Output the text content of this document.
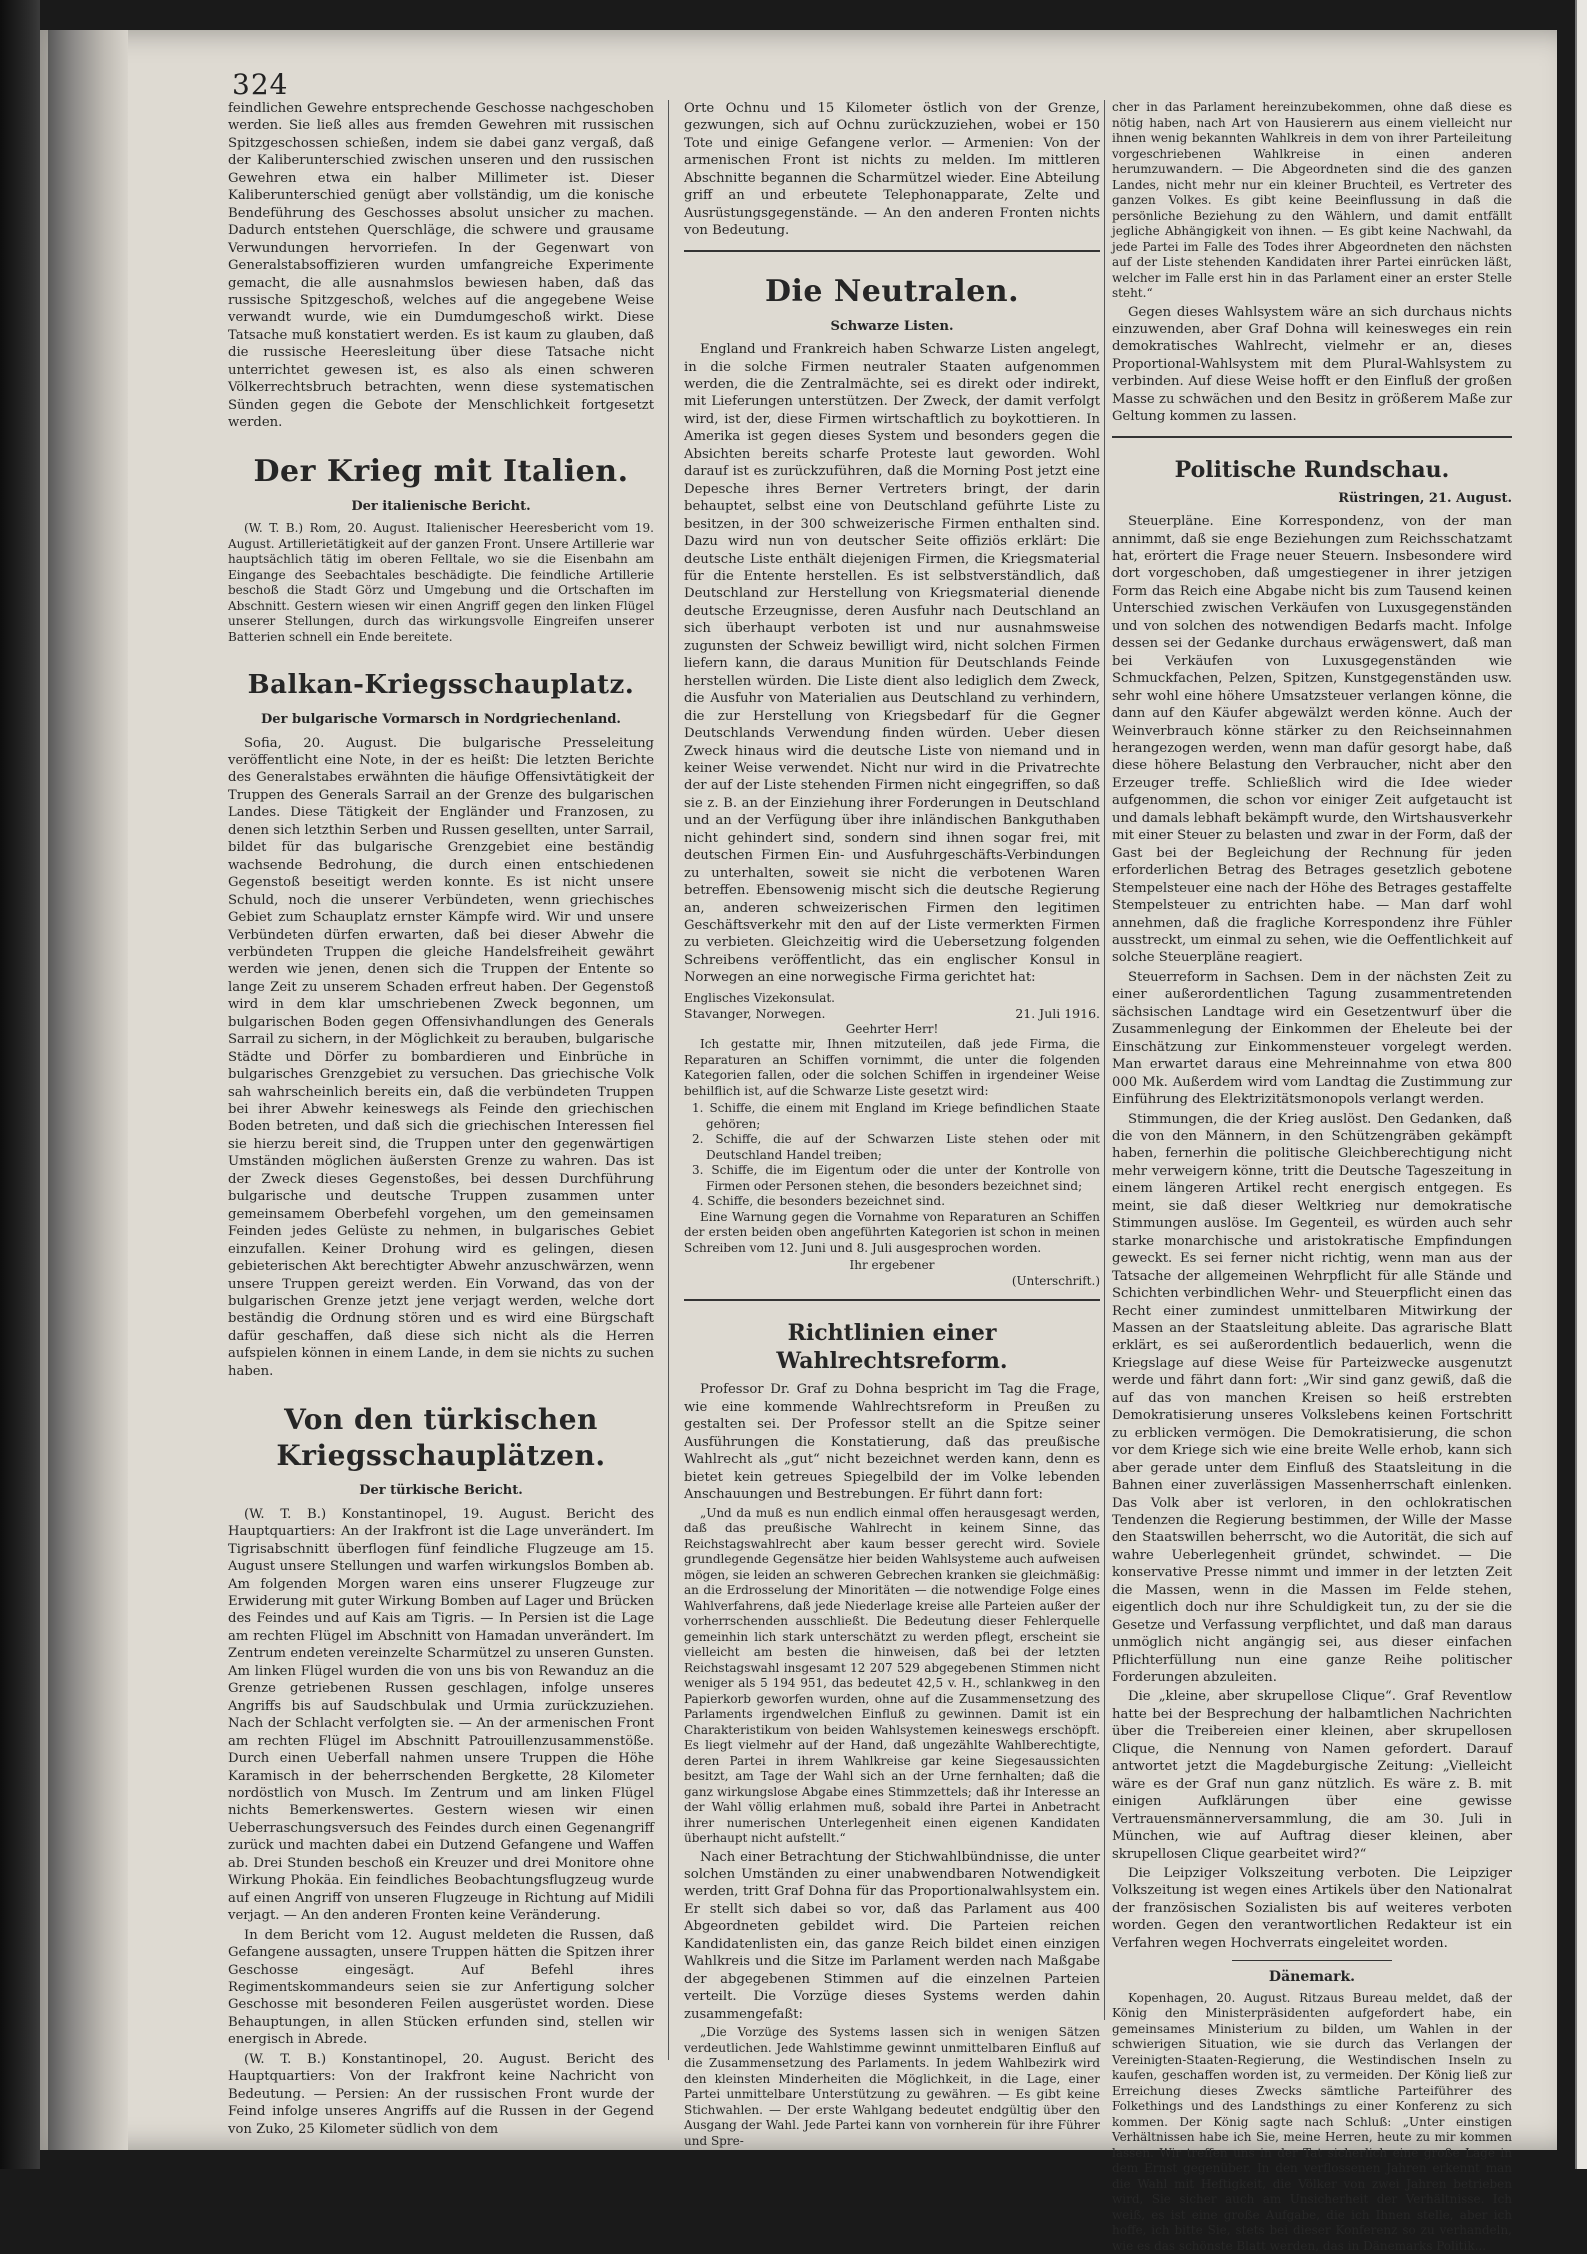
324

feindlichen Gewehre entsprechende Geschosse nachgeschoben werden. Sie ließ alles aus fremden Gewehren mit russischen Spitzgeschossen schießen, indem sie dabei ganz vergaß, daß der Kaliberunterschied zwischen unseren und den russischen Gewehren etwa ein halber Millimeter ist. Dieser Kaliberunterschied genügt aber vollständig, um die konische Bendeführung des Geschosses absolut unsicher zu machen. Dadurch entstehen Querschläge, die schwere und grausame Verwundungen hervorriefen. In der Gegenwart von Generalstabsoffizieren wurden umfangreiche Experimente gemacht, die alle ausnahmslos bewiesen haben, daß das russische Spitzgeschoß, welches auf die angegebene Weise verwandt wurde, wie ein Dumdumgeschoß wirkt. Diese Tatsache muß konstatiert werden. Es ist kaum zu glauben, daß die russische Heeresleitung über diese Tatsache nicht unterrichtet gewesen ist, es also als einen schweren Völkerrechtsbruch betrachten, wenn diese systematischen Sünden gegen die Gebote der Menschlichkeit fortgesetzt werden.

Der Krieg mit Italien.
Der italienische Bericht.

(W. T. B.) Rom, 20. August. Italienischer Heeresbericht vom 19. August. Artillerietätigkeit auf der ganzen Front. Unsere Artillerie war hauptsächlich tätig im oberen Felltale, wo sie die Eisenbahn am Eingange des Seebachtales beschädigte. Die feindliche Artillerie beschoß die Stadt Görz und Umgebung und die Ortschaften im Abschnitt. Gestern wiesen wir einen Angriff gegen den linken Flügel unserer Stellungen, durch das wirkungsvolle Eingreifen unserer Batterien schnell ein Ende bereitete.

Balkan-Kriegsschauplatz.
Der bulgarische Vormarsch in Nordgriechenland.

Sofia, 20. August. Die bulgarische Presseleitung veröffentlicht eine Note, in der es heißt: Die letzten Berichte des Generalstabes erwähnten die häufige Offensivtätigkeit der Truppen des Generals Sarrail an der Grenze des bulgarischen Landes. Diese Tätigkeit der Engländer und Franzosen, zu denen sich letzthin Serben und Russen gesellten, unter Sarrail, bildet für das bulgarische Grenzgebiet eine beständig wachsende Bedrohung, die durch einen entschiedenen Gegenstoß beseitigt werden konnte. Es ist nicht unsere Schuld, noch die unserer Verbündeten, wenn griechisches Gebiet zum Schauplatz ernster Kämpfe wird. Wir und unsere Verbündeten dürfen erwarten, daß bei dieser Abwehr die verbündeten Truppen die gleiche Handelsfreiheit gewährt werden wie jenen, denen sich die Truppen der Entente so lange Zeit zu unserem Schaden erfreut haben. Der Gegenstoß wird in dem klar umschriebenen Zweck begonnen, um bulgarischen Boden gegen Offensivhandlungen des Generals Sarrail zu sichern, in der Möglichkeit zu berauben, bulgarische Städte und Dörfer zu bombardieren und Einbrüche in bulgarisches Grenzgebiet zu versuchen. Das griechische Volk sah wahrscheinlich bereits ein, daß die verbündeten Truppen bei ihrer Abwehr keineswegs als Feinde den griechischen Boden betreten, und daß sich die griechischen Interessen fiel sie hierzu bereit sind, die Truppen unter den gegenwärtigen Umständen möglichen äußersten Grenze zu wahren. Das ist der Zweck dieses Gegenstoßes, bei dessen Durchführung bulgarische und deutsche Truppen zusammen unter gemeinsamem Oberbefehl vorgehen, um den gemeinsamen Feinden jedes Gelüste zu nehmen, in bulgarisches Gebiet einzufallen. Keiner Drohung wird es gelingen, diesen gebieterischen Akt berechtigter Abwehr anzuschwärzen, wenn unsere Truppen gereizt werden. Ein Vorwand, das von der bulgarischen Grenze jetzt jene verjagt werden, welche dort beständig die Ordnung stören und es wird eine Bürgschaft dafür geschaffen, daß diese sich nicht als die Herren aufspielen können in einem Lande, in dem sie nichts zu suchen haben.

Von den türkischen Kriegsschauplätzen.
Der türkische Bericht.

(W. T. B.) Konstantinopel, 19. August. Bericht des Hauptquartiers: An der Irakfront ist die Lage unverändert. Im Tigrisabschnitt überflogen fünf feindliche Flugzeuge am 15. August unsere Stellungen und warfen wirkungslos Bomben ab. Am folgenden Morgen waren eins unserer Flugzeuge zur Erwiderung mit guter Wirkung Bomben auf Lager und Brücken des Feindes und auf Kais am Tigris. — In Persien ist die Lage am rechten Flügel im Abschnitt von Hamadan unverändert. Im Zentrum endeten vereinzelte Scharmützel zu unseren Gunsten. Am linken Flügel wurden die von uns bis von Rewanduz an die Grenze getriebenen Russen geschlagen, infolge unseres Angriffs bis auf Saudschbulak und Urmia zurückzuziehen. Nach der Schlacht verfolgten sie. — An der armenischen Front am rechten Flügel im Abschnitt Patrouillenzusammenstöße. Durch einen Ueberfall nahmen unsere Truppen die Höhe Karamisch in der beherrschenden Bergkette, 28 Kilometer nordöstlich von Musch. Im Zentrum und am linken Flügel nichts Bemerkenswertes. Gestern wiesen wir einen Ueberraschungsversuch des Feindes durch einen Gegenangriff zurück und machten dabei ein Dutzend Gefangene und Waffen ab. Drei Stunden beschoß ein Kreuzer und drei Monitore ohne Wirkung Phokäa. Ein feindliches Beobachtungsflugzeug wurde auf einen Angriff von unseren Flugzeuge in Richtung auf Midili verjagt. — An den anderen Fronten keine Veränderung.

In dem Bericht vom 12. August meldeten die Russen, daß Gefangene aussagten, unsere Truppen hätten die Spitzen ihrer Geschosse eingesägt. Auf Befehl ihres Regimentskommandeurs seien sie zur Anfertigung solcher Geschosse mit besonderen Feilen ausgerüstet worden. Diese Behauptungen, in allen Stücken erfunden sind, stellen wir energisch in Abrede.

(W. T. B.) Konstantinopel, 20. August. Bericht des Hauptquartiers: Von der Irakfront keine Nachricht von Bedeutung. — Persien: An der russischen Front wurde der Feind infolge unseres Angriffs auf die Russen in der Gegend von Zuko, 25 Kilometer südlich von dem

Orte Ochnu und 15 Kilometer östlich von der Grenze, gezwungen, sich auf Ochnu zurückzuziehen, wobei er 150 Tote und einige Gefangene verlor. — Armenien: Von der armenischen Front ist nichts zu melden. Im mittleren Abschnitte begannen die Scharmützel wieder. Eine Abteilung griff an und erbeutete Telephonapparate, Zelte und Ausrüstungsgegenstände. — An den anderen Fronten nichts von Bedeutung.

Die Neutralen.
Schwarze Listen.

England und Frankreich haben Schwarze Listen angelegt, in die solche Firmen neutraler Staaten aufgenommen werden, die die Zentralmächte, sei es direkt oder indirekt, mit Lieferungen unterstützen. Der Zweck, der damit verfolgt wird, ist der, diese Firmen wirtschaftlich zu boykottieren. In Amerika ist gegen dieses System und besonders gegen die Absichten bereits scharfe Proteste laut geworden. Wohl darauf ist es zurückzuführen, daß die Morning Post jetzt eine Depesche ihres Berner Vertreters bringt, der darin behauptet, selbst eine von Deutschland geführte Liste zu besitzen, in der 300 schweizerische Firmen enthalten sind. Dazu wird nun von deutscher Seite offiziös erklärt: Die deutsche Liste enthält diejenigen Firmen, die Kriegsmaterial für die Entente herstellen. Es ist selbstverständlich, daß Deutschland zur Herstellung von Kriegsmaterial dienende deutsche Erzeugnisse, deren Ausfuhr nach Deutschland an sich überhaupt verboten ist und nur ausnahmsweise zugunsten der Schweiz bewilligt wird, nicht solchen Firmen liefern kann, die daraus Munition für Deutschlands Feinde herstellen würden. Die Liste dient also lediglich dem Zweck, die Ausfuhr von Materialien aus Deutschland zu verhindern, die zur Herstellung von Kriegsbedarf für die Gegner Deutschlands Verwendung finden würden. Ueber diesen Zweck hinaus wird die deutsche Liste von niemand und in keiner Weise verwendet. Nicht nur wird in die Privatrechte der auf der Liste stehenden Firmen nicht eingegriffen, so daß sie z. B. an der Einziehung ihrer Forderungen in Deutschland und an der Verfügung über ihre inländischen Bankguthaben nicht gehindert sind, sondern sind ihnen sogar frei, mit deutschen Firmen Ein- und Ausfuhrgeschäfts-Verbindungen zu unterhalten, soweit sie nicht die verbotenen Waren betreffen. Ebensowenig mischt sich die deutsche Regierung an, anderen schweizerischen Firmen den legitimen Geschäftsverkehr mit den auf der Liste vermerkten Firmen zu verbieten. Gleichzeitig wird die Uebersetzung folgenden Schreibens veröffentlicht, das ein englischer Konsul in Norwegen an eine norwegische Firma gerichtet hat:

Englisches Vizekonsulat.
Stavanger, Norwegen.	21. Juli 1916.
Geehrter Herr!

Ich gestatte mir, Ihnen mitzuteilen, daß jede Firma, die Reparaturen an Schiffen vornimmt, die unter die folgenden Kategorien fallen, oder die solchen Schiffen in irgendeiner Weise behilflich ist, auf die Schwarze Liste gesetzt wird:

1. Schiffe, die einem mit England im Kriege befindlichen Staate gehören;

2. Schiffe, die auf der Schwarzen Liste stehen oder mit Deutschland Handel treiben;

3. Schiffe, die im Eigentum oder die unter der Kontrolle von Firmen oder Personen stehen, die besonders bezeichnet sind;

4. Schiffe, die besonders bezeichnet sind.

Eine Warnung gegen die Vornahme von Reparaturen an Schiffen der ersten beiden oben angeführten Kategorien ist schon in meinen Schreiben vom 12. Juni und 8. Juli ausgesprochen worden.

Ihr ergebener
(Unterschrift.)
Richtlinien einer Wahlrechtsreform.

Professor Dr. Graf zu Dohna bespricht im Tag die Frage, wie eine kommende Wahlrechtsreform in Preußen zu gestalten sei. Der Professor stellt an die Spitze seiner Ausführungen die Konstatierung, daß das preußische Wahlrecht als „gut“ nicht bezeichnet werden kann, denn es bietet kein getreues Spiegelbild der im Volke lebenden Anschauungen und Bestrebungen. Er führt dann fort:

„Und da muß es nun endlich einmal offen herausgesagt werden, daß das preußische Wahlrecht in keinem Sinne, das Reichstagswahlrecht aber kaum besser gerecht wird. Soviele grundlegende Gegensätze hier beiden Wahlsysteme auch aufweisen mögen, sie leiden an schweren Gebrechen kranken sie gleichmäßig: an die Erdrosselung der Minoritäten — die notwendige Folge eines Wahlverfahrens, daß jede Niederlage kreise alle Parteien außer der vorherrschenden ausschließt. Die Bedeutung dieser Fehlerquelle gemeinhin lich stark unterschätzt zu werden pflegt, erscheint sie vielleicht am besten die hinweisen, daß bei der letzten Reichstagswahl insgesamt 12 207 529 abgegebenen Stimmen nicht weniger als 5 194 951, das bedeutet 42,5 v. H., schlankweg in den Papierkorb geworfen wurden, ohne auf die Zusammensetzung des Parlaments irgendwelchen Einfluß zu gewinnen. Damit ist ein Charakteristikum von beiden Wahlsystemen keineswegs erschöpft. Es liegt vielmehr auf der Hand, daß ungezählte Wahlberechtigte, deren Partei in ihrem Wahlkreise gar keine Siegesaussichten besitzt, am Tage der Wahl sich an der Urne fernhalten; daß die ganz wirkungslose Abgabe eines Stimmzettels; daß ihr Interesse an der Wahl völlig erlahmen muß, sobald ihre Partei in Anbetracht ihrer numerischen Unterlegenheit einen eigenen Kandidaten überhaupt nicht aufstellt.“

Nach einer Betrachtung der Stichwahlbündnisse, die unter solchen Umständen zu einer unabwendbaren Notwendigkeit werden, tritt Graf Dohna für das Proportionalwahlsystem ein. Er stellt sich dabei so vor, daß das Parlament aus 400 Abgeordneten gebildet wird. Die Parteien reichen Kandidatenlisten ein, das ganze Reich bildet einen einzigen Wahlkreis und die Sitze im Parlament werden nach Maßgabe der abgegebenen Stimmen auf die einzelnen Parteien verteilt. Die Vorzüge dieses Systems werden dahin zusammengefaßt:

„Die Vorzüge des Systems lassen sich in wenigen Sätzen verdeutlichen. Jede Wahlstimme gewinnt unmittelbaren Einfluß auf die Zusammensetzung des Parlaments. In jedem Wahlbezirk wird den kleinsten Minderheiten die Möglichkeit, in die Lage, einer Partei unmittelbare Unterstützung zu gewähren. — Es gibt keine Stichwahlen. — Der erste Wahlgang bedeutet endgültig über den Ausgang der Wahl. Jede Partei kann von vornherein für ihre Führer und Spre-

cher in das Parlament hereinzubekommen, ohne daß diese es nötig haben, nach Art von Hausierern aus einem vielleicht nur ihnen wenig bekannten Wahlkreis in dem von ihrer Parteileitung vorgeschriebenen Wahlkreise in einen anderen herumzuwandern. — Die Abgeordneten sind die des ganzen Landes, nicht mehr nur ein kleiner Bruchteil, es Vertreter des ganzen Volkes. Es gibt keine Beeinflussung in daß die persönliche Beziehung zu den Wählern, und damit entfällt jegliche Abhängigkeit von ihnen. — Es gibt keine Nachwahl, da jede Partei im Falle des Todes ihrer Abgeordneten den nächsten auf der Liste stehenden Kandidaten ihrer Partei einrücken läßt, welcher im Falle erst hin in das Parlament einer an erster Stelle steht.“

Gegen dieses Wahlsystem wäre an sich durchaus nichts einzuwenden, aber Graf Dohna will keinesweges ein rein demokratisches Wahlrecht, vielmehr er an, dieses Proportional-Wahlsystem mit dem Plural-Wahlsystem zu verbinden. Auf diese Weise hofft er den Einfluß der großen Masse zu schwächen und den Besitz in größerem Maße zur Geltung kommen zu lassen.

Politische Rundschau.
Rüstringen, 21. August.

Steuerpläne. Eine Korrespondenz, von der man annimmt, daß sie enge Beziehungen zum Reichsschatzamt hat, erörtert die Frage neuer Steuern. Insbesondere wird dort vorgeschoben, daß umgestiegener in ihrer jetzigen Form das Reich eine Abgabe nicht bis zum Tausend keinen Unterschied zwischen Verkäufen von Luxusgegenständen und von solchen des notwendigen Bedarfs macht. Infolge dessen sei der Gedanke durchaus erwägenswert, daß man bei Verkäufen von Luxusgegenständen wie Schmuckfachen, Pelzen, Spitzen, Kunstgegenständen usw. sehr wohl eine höhere Umsatzsteuer verlangen könne, die dann auf den Käufer abgewälzt werden könne. Auch der Weinverbrauch könne stärker zu den Reichseinnahmen herangezogen werden, wenn man dafür gesorgt habe, daß diese höhere Belastung den Verbraucher, nicht aber den Erzeuger treffe. Schließlich wird die Idee wieder aufgenommen, die schon vor einiger Zeit aufgetaucht ist und damals lebhaft bekämpft wurde, den Wirtshausverkehr mit einer Steuer zu belasten und zwar in der Form, daß der Gast bei der Begleichung der Rechnung für jeden erforderlichen Betrag des Betrages gesetzlich gebotene Stempelsteuer eine nach der Höhe des Betrages gestaffelte Stempelsteuer zu entrichten habe. — Man darf wohl annehmen, daß die fragliche Korrespondenz ihre Fühler ausstreckt, um einmal zu sehen, wie die Oeffentlichkeit auf solche Steuerpläne reagiert.

Steuerreform in Sachsen. Dem in der nächsten Zeit zu einer außerordentlichen Tagung zusammentretenden sächsischen Landtage wird ein Gesetzentwurf über die Zusammenlegung der Einkommen der Eheleute bei der Einschätzung zur Einkommensteuer vorgelegt werden. Man erwartet daraus eine Mehreinnahme von etwa 800 000 Mk. Außerdem wird vom Landtag die Zustimmung zur Einführung des Elektrizitätsmonopols verlangt werden.

Stimmungen, die der Krieg auslöst. Den Gedanken, daß die von den Männern, in den Schützengräben gekämpft haben, fernerhin die politische Gleichberechtigung nicht mehr verweigern könne, tritt die Deutsche Tageszeitung in einem längeren Artikel recht energisch entgegen. Es meint, sie daß dieser Weltkrieg nur demokratische Stimmungen auslöse. Im Gegenteil, es würden auch sehr starke monarchische und aristokratische Empfindungen geweckt. Es sei ferner nicht richtig, wenn man aus der Tatsache der allgemeinen Wehrpflicht für alle Stände und Schichten verbindlichen Wehr- und Steuerpflicht einen das Recht einer zumindest unmittelbaren Mitwirkung der Massen an der Staatsleitung ableite. Das agrarische Blatt erklärt, es sei außerordentlich bedauerlich, wenn die Kriegslage auf diese Weise für Parteizwecke ausgenutzt werde und fährt dann fort: „Wir sind ganz gewiß, daß die auf das von manchen Kreisen so heiß erstrebten Demokratisierung unseres Volkslebens keinen Fortschritt zu erblicken vermögen. Die Demokratisierung, die schon vor dem Kriege sich wie eine breite Welle erhob, kann sich aber gerade unter dem Einfluß des Staatsleitung in die Bahnen einer zuverlässigen Massenherrschaft einlenken. Das Volk aber ist verloren, in den ochlokratischen Tendenzen die Regierung bestimmen, der Wille der Masse den Staatswillen beherrscht, wo die Autorität, die sich auf wahre Ueberlegenheit gründet, schwindet. — Die konservative Presse nimmt und immer in der letzten Zeit die Massen, wenn in die Massen im Felde stehen, eigentlich doch nur ihre Schuldigkeit tun, zu der sie die Gesetze und Verfassung verpflichtet, und daß man daraus unmöglich nicht angängig sei, aus dieser einfachen Pflichterfüllung nun eine ganze Reihe politischer Forderungen abzuleiten.

Die „kleine, aber skrupellose Clique“. Graf Reventlow hatte bei der Besprechung der halbamtlichen Nachrichten über die Treibereien einer kleinen, aber skrupellosen Clique, die Nennung von Namen gefordert. Darauf antwortet jetzt die Magdeburgische Zeitung: „Vielleicht wäre es der Graf nun ganz nützlich. Es wäre z. B. mit einigen Aufklärungen über eine gewisse Vertrauensmännerversammlung, die am 30. Juli in München, wie auf Auftrag dieser kleinen, aber skrupellosen Clique gearbeitet wird?“

Die Leipziger Volkszeitung verboten. Die Leipziger Volkszeitung ist wegen eines Artikels über den Nationalrat der französischen Sozialisten bis auf weiteres verboten worden. Gegen den verantwortlichen Redakteur ist ein Verfahren wegen Hochverrats eingeleitet worden.

Dänemark.

Kopenhagen, 20. August. Ritzaus Bureau meldet, daß der König den Ministerpräsidenten aufgefordert habe, ein gemeinsames Ministerium zu bilden, um Wahlen in der schwierigen Situation, wie sie durch das Verlangen der Vereinigten-Staaten-Regierung, die Westindischen Inseln zu kaufen, geschaffen worden ist, zu vermeiden. Der König ließ zur Erreichung dieses Zwecks sämtliche Parteiführer des Folkethings und des Landsthings zu einer Konferenz zu sich kommen. Der König sagte nach Schluß: „Unter einstigen Verhältnissen habe ich Sie, meine Herren, heute zu mir kommen lassen. Wir treffen uns in der Tat sicherlich eine große Lage in dem Ernst gegenüber. In den verflossenen Jahren erkennt man die Wahl mit Heftigkeit, die Völker von zwei Jahren betrieben wird, Sie sicher auch am Unsicherheit der Verhältnisse. Ich weiß, es ist eine große Aufgabe, die ich Ihnen stelle, aber ich hoffe, ich bitte Sie, stets bei dieser Konferenz so zu verhandeln, wie es das schönste Blatt werden, das in Dänemarks Politik...
